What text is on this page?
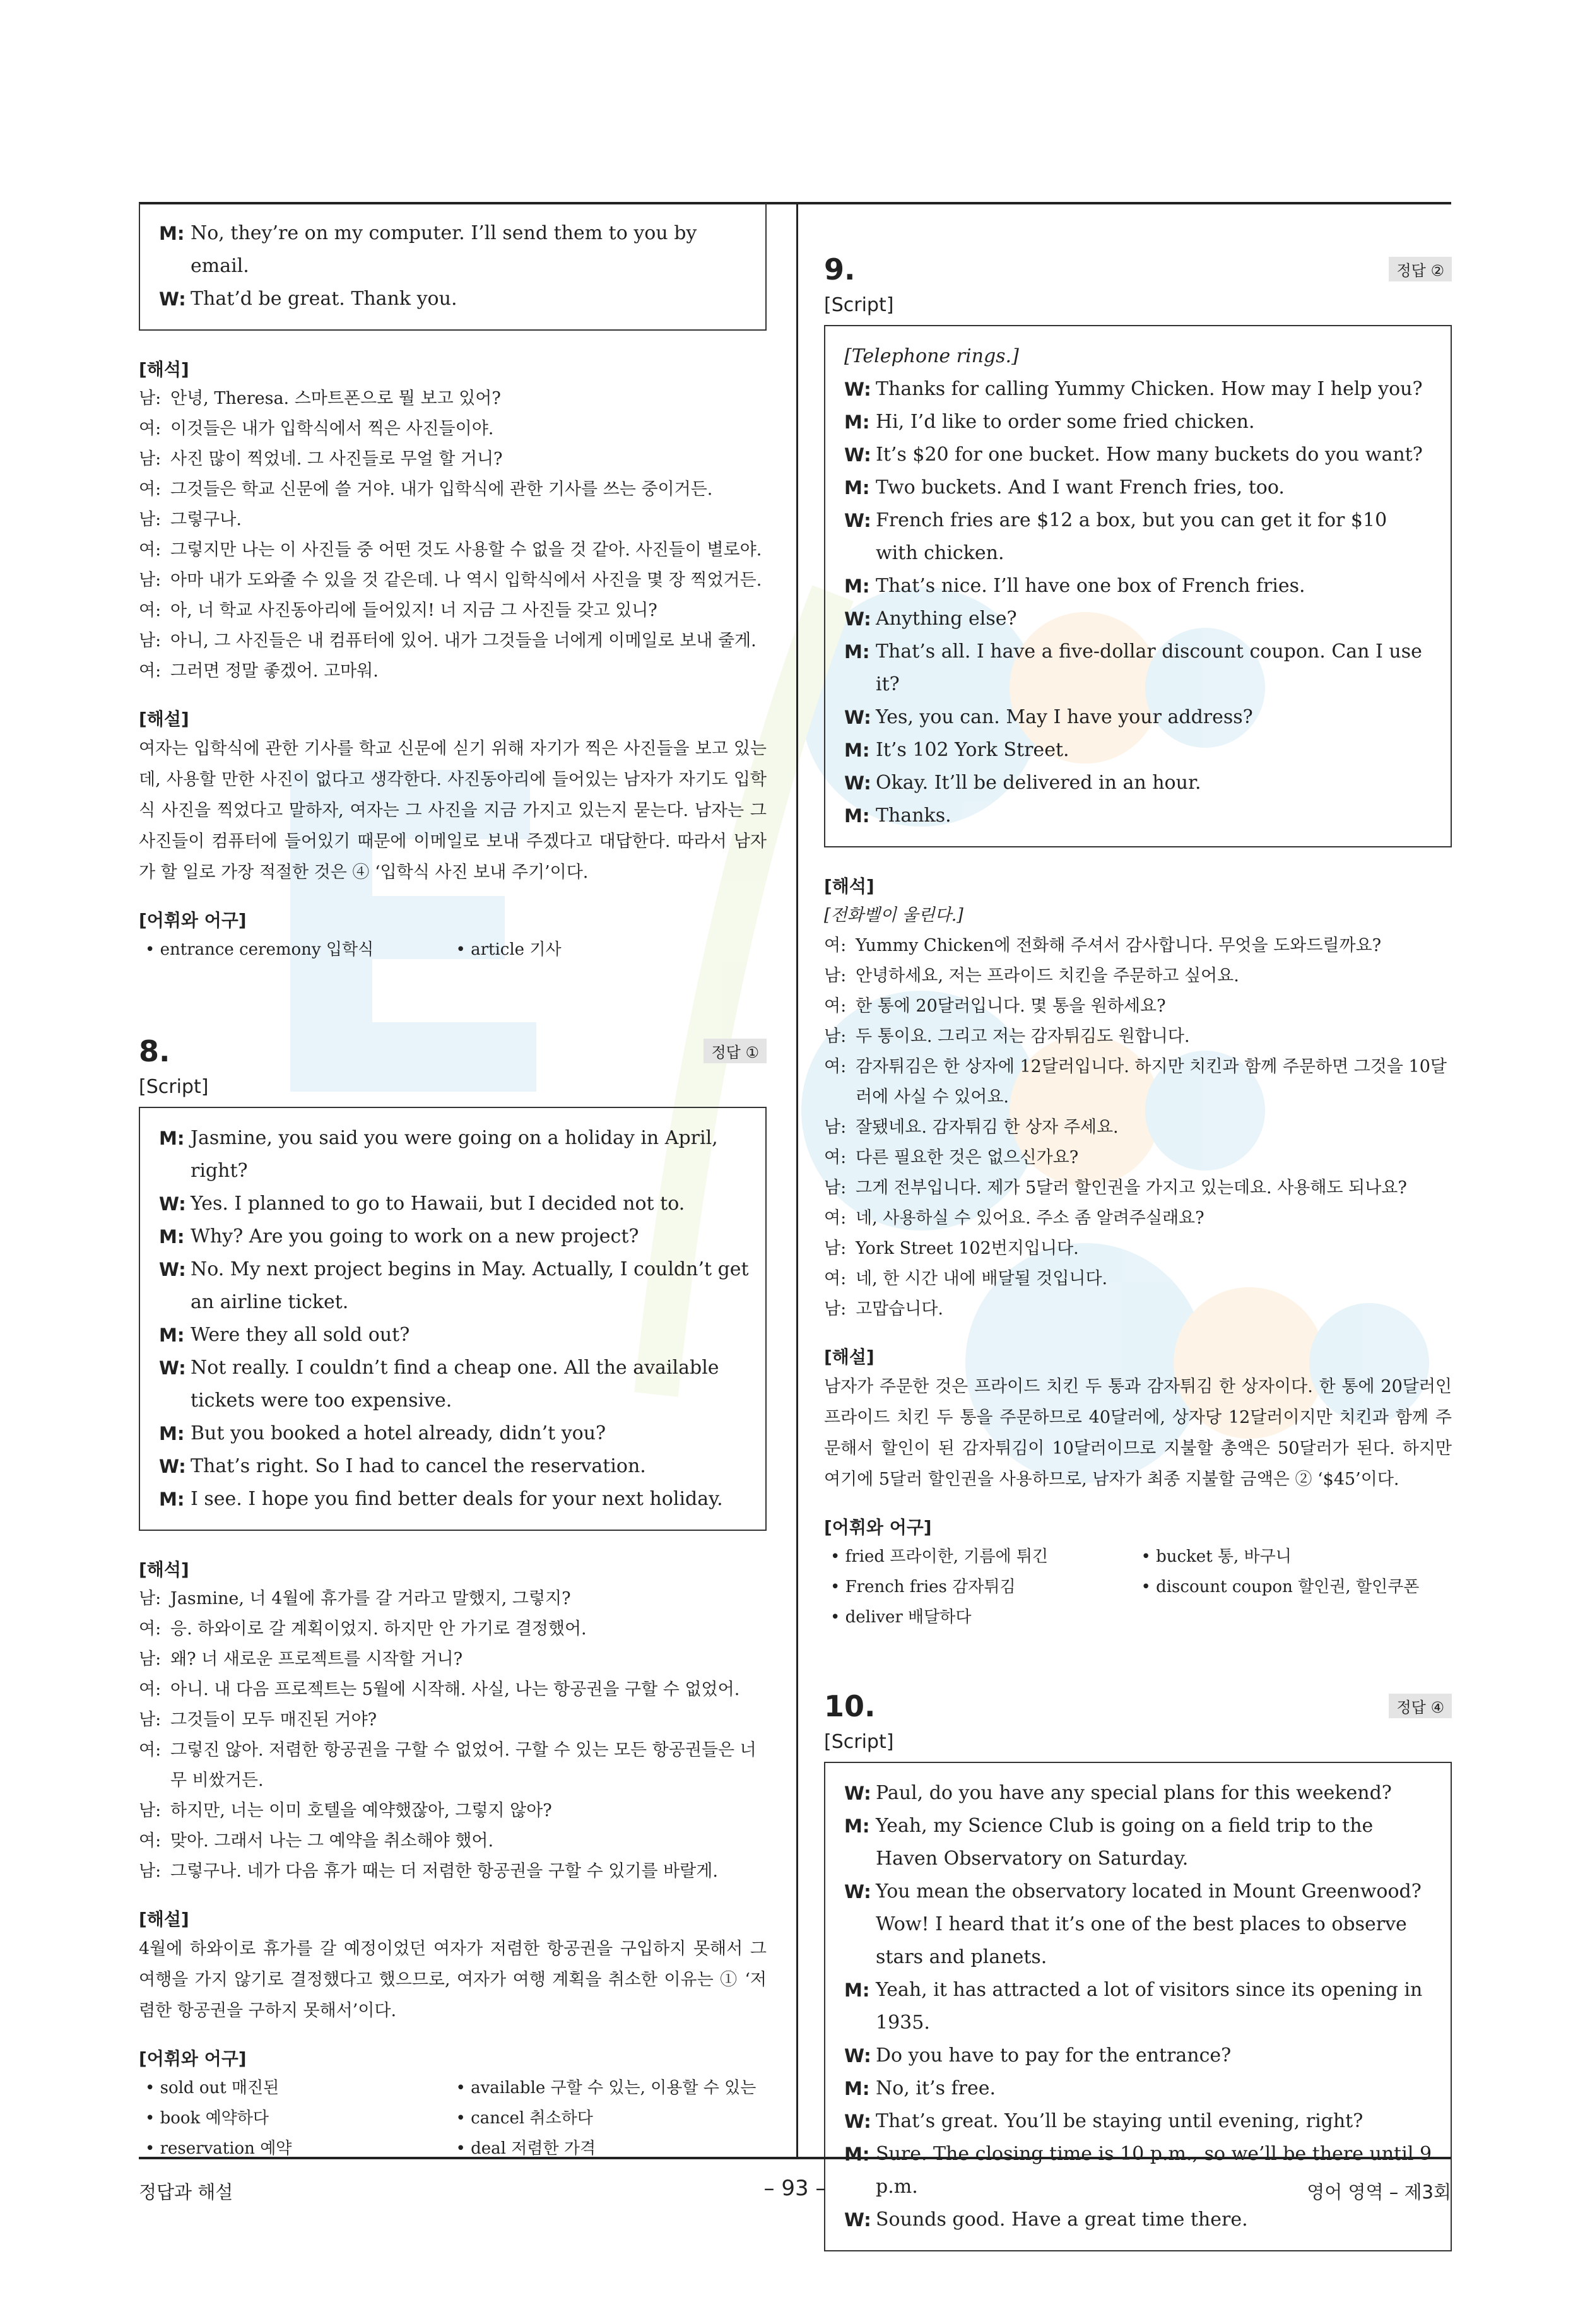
M: No, they’re on my computer. I’ll send them to you by email.
W: That’d be great. Thank you.
[해석]
남: 안녕, Theresa. 스마트폰으로 뭘 보고 있어?
여: 이것들은 내가 입학식에서 찍은 사진들이야.
남: 사진 많이 찍었네. 그 사진들로 무얼 할 거니?
여: 그것들은 학교 신문에 쓸 거야. 내가 입학식에 관한 기사를 쓰는 중이거든.
남: 그렇구나.
여: 그렇지만 나는 이 사진들 중 어떤 것도 사용할 수 없을 것 같아. 사진들이 별로야.
남: 아마 내가 도와줄 수 있을 것 같은데. 나 역시 입학식에서 사진을 몇 장 찍었거든.
여: 아, 너 학교 사진동아리에 들어있지! 너 지금 그 사진들 갖고 있니?
남: 아니, 그 사진들은 내 컴퓨터에 있어. 내가 그것들을 너에게 이메일로 보내 줄게.
여: 그러면 정말 좋겠어. 고마워.
[해설]
여자는 입학식에 관한 기사를 학교 신문에 싣기 위해 자기가 찍은 사진들을 보고 있는데, 사용할 만한 사진이 없다고 생각한다. 사진동아리에 들어있는 남자가 자기도 입학식 사진을 찍었다고 말하자, 여자는 그 사진을 지금 가지고 있는지 묻는다. 남자는 그 사진들이 컴퓨터에 들어있기 때문에 이메일로 보내 주겠다고 대답한다. 따라서 남자가 할 일로 가장 적절한 것은 ④ ‘입학식 사진 보내 주기’이다.
[어휘와 어구]
• entrance ceremony 입학식	• article 기사
8.	정답 ①
[Script]
M: Jasmine, you said you were going on a holiday in April, right?
W: Yes. I planned to go to Hawaii, but I decided not to.
M: Why? Are you going to work on a new project?
W: No. My next project begins in May. Actually, I couldn’t get an airline ticket.
M: Were they all sold out?
W: Not really. I couldn’t find a cheap one. All the available tickets were too expensive.
M: But you booked a hotel already, didn’t you?
W: That’s right. So I had to cancel the reservation.
M: I see. I hope you find better deals for your next holiday.
[해석]
남: Jasmine, 너 4월에 휴가를 갈 거라고 말했지, 그렇지?
여: 응. 하와이로 갈 계획이었지. 하지만 안 가기로 결정했어.
남: 왜? 너 새로운 프로젝트를 시작할 거니?
여: 아니. 내 다음 프로젝트는 5월에 시작해. 사실, 나는 항공권을 구할 수 없었어.
남: 그것들이 모두 매진된 거야?
여: 그렇진 않아. 저렴한 항공권을 구할 수 없었어. 구할 수 있는 모든 항공권들은 너무 비쌌거든.
남: 하지만, 너는 이미 호텔을 예약했잖아, 그렇지 않아?
여: 맞아. 그래서 나는 그 예약을 취소해야 했어.
남: 그렇구나. 네가 다음 휴가 때는 더 저렴한 항공권을 구할 수 있기를 바랄게.
[해설]
4월에 하와이로 휴가를 갈 예정이었던 여자가 저렴한 항공권을 구입하지 못해서 그 여행을 가지 않기로 결정했다고 했으므로, 여자가 여행 계획을 취소한 이유는 ① ‘저렴한 항공권을 구하지 못해서’이다.
[어휘와 어구]
• sold out 매진된	• available 구할 수 있는, 이용할 수 있는
• book 예약하다	• cancel 취소하다
• reservation 예약	• deal 저렴한 가격
9.	정답 ②
[Script]
[Telephone rings.]
W: Thanks for calling Yummy Chicken. How may I help you?
M: Hi, I’d like to order some fried chicken.
W: It’s $20 for one bucket. How many buckets do you want?
M: Two buckets. And I want French fries, too.
W: French fries are $12 a box, but you can get it for $10 with chicken.
M: That’s nice. I’ll have one box of French fries.
W: Anything else?
M: That’s all. I have a five-dollar discount coupon. Can I use it?
W: Yes, you can. May I have your address?
M: It’s 102 York Street.
W: Okay. It’ll be delivered in an hour.
M: Thanks.
[해석]
[전화벨이 울린다.]
여: Yummy Chicken에 전화해 주셔서 감사합니다. 무엇을 도와드릴까요?
남: 안녕하세요, 저는 프라이드 치킨을 주문하고 싶어요.
여: 한 통에 20달러입니다. 몇 통을 원하세요?
남: 두 통이요. 그리고 저는 감자튀김도 원합니다.
여: 감자튀김은 한 상자에 12달러입니다. 하지만 치킨과 함께 주문하면 그것을 10달러에 사실 수 있어요.
남: 잘됐네요. 감자튀김 한 상자 주세요.
여: 다른 필요한 것은 없으신가요?
남: 그게 전부입니다. 제가 5달러 할인권을 가지고 있는데요. 사용해도 되나요?
여: 네, 사용하실 수 있어요. 주소 좀 알려주실래요?
남: York Street 102번지입니다.
여: 네, 한 시간 내에 배달될 것입니다.
남: 고맙습니다.
[해설]
남자가 주문한 것은 프라이드 치킨 두 통과 감자튀김 한 상자이다. 한 통에 20달러인 프라이드 치킨 두 통을 주문하므로 40달러에, 상자당 12달러이지만 치킨과 함께 주문해서 할인이 된 감자튀김이 10달러이므로 지불할 총액은 50달러가 된다. 하지만 여기에 5달러 할인권을 사용하므로, 남자가 최종 지불할 금액은 ② ‘$45’이다.
[어휘와 어구]
• fried 프라이한, 기름에 튀긴	• bucket 통, 바구니
• French fries 감자튀김	• discount coupon 할인권, 할인쿠폰
• deliver 배달하다
10.	정답 ④
[Script]
W: Paul, do you have any special plans for this weekend?
M: Yeah, my Science Club is going on a field trip to the Haven Observatory on Saturday.
W: You mean the observatory located in Mount Greenwood? Wow! I heard that it’s one of the best places to observe stars and planets.
M: Yeah, it has attracted a lot of visitors since its opening in 1935.
W: Do you have to pay for the entrance?
M: No, it’s free.
W: That’s great. You’ll be staying until evening, right?
M: Sure. The closing time is 10 p.m., so we’ll be there until 9 p.m.
W: Sounds good. Have a great time there.
정답과 해설	– 93 –	영어 영역 – 제3회
